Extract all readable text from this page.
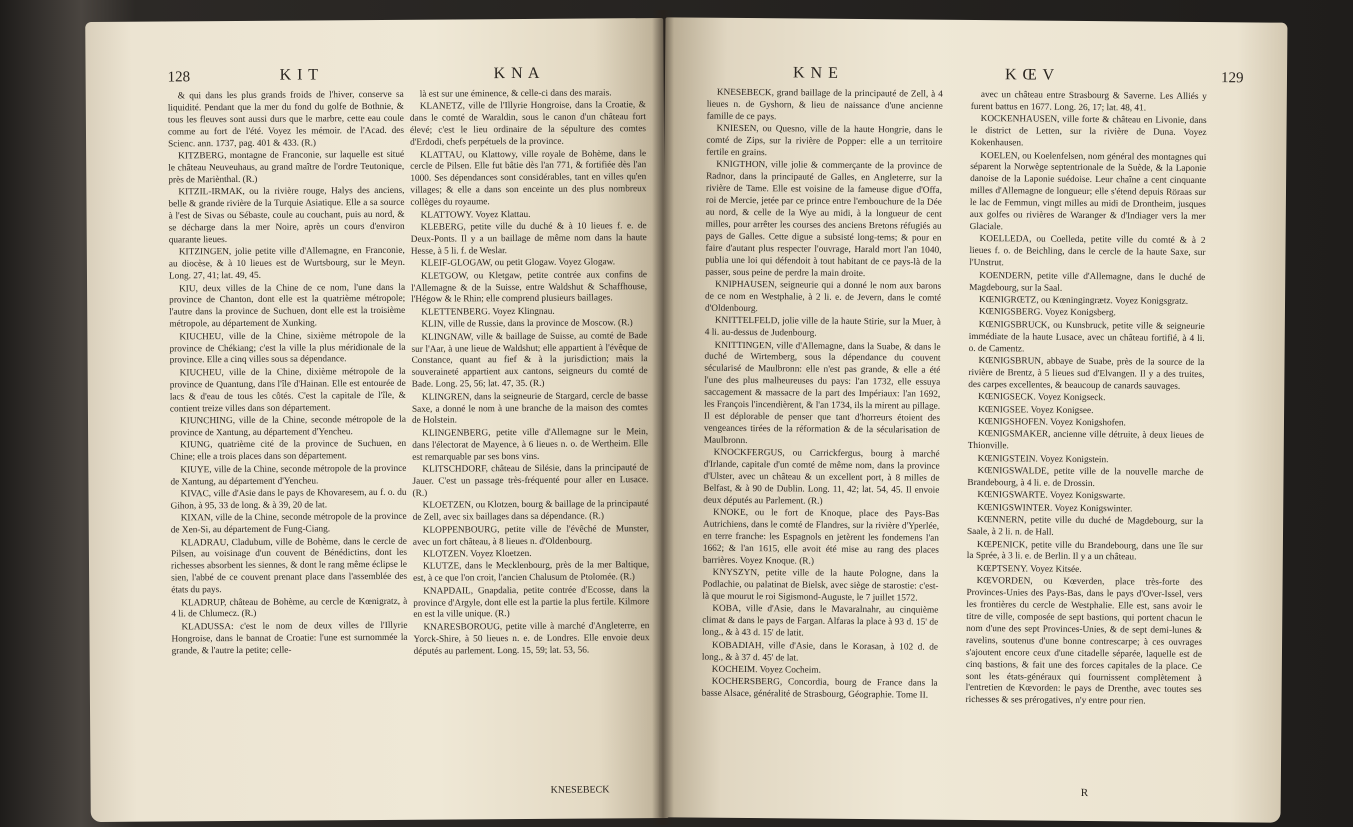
128	K I T	K N A

& qui dans les plus grands froids de l'hiver, conserve sa liquidité. Pendant que la mer du fond du golfe de Bothnie, & tous les fleuves sont aussi durs que le marbre, cette eau coule comme au fort de l'été. Voyez les mémoir. de l'Acad. des Scienc. ann. 1737, pag. 401 & 433. (R.)

KITZBERG, montagne de Franconie, sur laquelle est situé le château Neuveuhaus, au grand maître de l'ordre Teutonique, près de Mariènthal. (R.)

KITZIL-IRMAK, ou la rivière rouge, Halys des anciens, belle & grande rivière de la Turquie Asiatique. Elle a sa source à l'est de Sivas ou Sébaste, coule au couchant, puis au nord, & se décharge dans la mer Noire, après un cours d'environ quarante lieues.

KITZINGEN, jolie petite ville d'Allemagne, en Franconie, au diocèse, & à 10 lieues est de Wurtsbourg, sur le Meyn. Long. 27, 41; lat. 49, 45.

KIU, deux villes de la Chine de ce nom, l'une dans la province de Chanton, dont elle est la quatrième métropole; l'autre dans la province de Suchuen, dont elle est la troisième métropole, au département de Xunking.

KIUCHEU, ville de la Chine, sixième métropole de la province de Chékiang; c'est la ville la plus méridionale de la province. Elle a cinq villes sous sa dépendance.

KIUCHEU, ville de la Chine, dixième métropole de la province de Quantung, dans l'île d'Hainan. Elle est entourée de lacs & d'eau de tous les côtés. C'est la capitale de l'île, & contient treize villes dans son département.

KIUNCHING, ville de la Chine, seconde métropole de la province de Xantung, au département d'Yencheu.

KIUNG, quatrième cité de la province de Suchuen, en Chine; elle a trois places dans son département.

KIUYE, ville de la Chine, seconde métropole de la province de Xantung, au département d'Yencheu.

KIVAC, ville d'Asie dans le pays de Khovaresem, au f. o. du Gihon, à 95, 33 de long. & à 39, 20 de lat.

KIXAN, ville de la Chine, seconde métropole de la province de Xen-Si, au département de Fung-Ciang.

KLADRAU, Cladubum, ville de Bohème, dans le cercle de Pilsen, au voisinage d'un couvent de Bénédictins, dont les richesses absorbent les siennes, & dont le rang même éclipse le sien, l'abbé de ce couvent prenant place dans l'assemblée des états du pays.

KLADRUP, château de Bohème, au cercle de Kœnigratz, à 4 li. de Chlumecz. (R.)

KLADUSSA: c'est le nom de deux villes de l'Illyrie Hongroise, dans le bannat de Croatie: l'une est surnommée la grande, & l'autre la petite; celle-

là est sur une éminence, & celle-ci dans des marais.

KLANETZ, ville de l'Illyrie Hongroise, dans la Croatie, & dans le comté de Waraldin, sous le canon d'un château fort élevé; c'est le lieu ordinaire de la sépulture des comtes d'Erdodi, chefs perpétuels de la province.

KLATTAU, ou Klattowy, ville royale de Bohème, dans le cercle de Pilsen. Elle fut bâtie dès l'an 771, & fortifiée dès l'an 1000. Ses dépendances sont considérables, tant en villes qu'en villages; & elle a dans son enceinte un des plus nombreux collèges du royaume.

KLATTOWY. Voyez Klattau.

KLEBERG, petite ville du duché & à 10 lieues f. e. de Deux-Ponts. Il y a un baillage de même nom dans la haute Hesse, à 5 li. f. de Weslar.

KLEIF-GLOGAW, ou petit Glogaw. Voyez Glogaw.

KLETGOW, ou Kletgaw, petite contrée aux confins de l'Allemagne & de la Suisse, entre Waldshut & Schaffhouse, l'Hégow & le Rhin; elle comprend plusieurs baillages.

KLETTENBERG. Voyez Klingnau.

KLIN, ville de Russie, dans la province de Moscow. (R.)

KLINGNAW, ville & baillage de Suisse, au comté de Bade sur l'Aar, à une lieue de Waldshut; elle appartient à l'évêque de Constance, quant au fief & à la jurisdiction; mais la souveraineté appartient aux cantons, seigneurs du comté de Bade. Long. 25, 56; lat. 47, 35. (R.)

KLINGREN, dans la seigneurie de Stargard, cercle de basse Saxe, a donné le nom à une branche de la maison des comtes de Holstein.

KLINGENBERG, petite ville d'Allemagne sur le Mein, dans l'électorat de Mayence, à 6 lieues n. o. de Wertheim. Elle est remarquable par ses bons vins.

KLITSCHDORF, château de Silésie, dans la principauté de Jauer. C'est un passage très-fréquenté pour aller en Lusace. (R.)

KLOETZEN, ou Klotzen, bourg & baillage de la principauté de Zell, avec six baillages dans sa dépendance. (R.)

KLOPPENBOURG, petite ville de l'évêché de Munster, avec un fort château, à 8 lieues n. d'Oldenbourg.

KLOTZEN. Voyez Kloetzen.

KLUTZE, dans le Mecklenbourg, près de la mer Baltique, est, à ce que l'on croit, l'ancien Chalusum de Ptolomée. (R.)

KNAPDAIL, Gnapdalia, petite contrée d'Ecosse, dans la province d'Argyle, dont elle est la partie la plus fertile. Kilmore en est la ville unique. (R.)

KNARESBOROUG, petite ville à marché d'Angleterre, en Yorck-Shire, à 50 lieues n. e. de Londres. Elle envoie deux députés au parlement. Long. 15, 59; lat. 53, 56.

KNESEBECK
K N E	K Œ V	129

KNESEBECK, grand baillage de la principauté de Zell, à 4 lieues n. de Gyshorn, & lieu de naissance d'une ancienne famille de ce pays.

KNIESEN, ou Quesno, ville de la haute Hongrie, dans le comté de Zips, sur la rivière de Popper: elle a un territoire fertile en grains.

KNIGTHON, ville jolie & commerçante de la province de Radnor, dans la principauté de Galles, en Angleterre, sur la rivière de Tame. Elle est voisine de la fameuse digue d'Offa, roi de Mercie, jetée par ce prince entre l'embouchure de la Dée au nord, & celle de la Wye au midi, à la longueur de cent milles, pour arrêter les courses des anciens Bretons réfugiés au pays de Galles. Cette digue a subsisté long-tems; & pour en faire d'autant plus respecter l'ouvrage, Harald mort l'an 1040, publia une loi qui défendoit à tout habitant de ce pays-là de la passer, sous peine de perdre la main droite.

KNIPHAUSEN, seigneurie qui a donné le nom aux barons de ce nom en Westphalie, à 2 li. e. de Jevern, dans le comté d'Oldenbourg.

KNITTELFELD, jolie ville de la haute Stirie, sur la Muer, à 4 li. au-dessus de Judenbourg.

KNITTINGEN, ville d'Allemagne, dans la Suabe, & dans le duché de Wirtemberg, sous la dépendance du couvent sécularisé de Maulbronn: elle n'est pas grande, & elle a été l'une des plus malheureuses du pays: l'an 1732, elle essuya saccagement & massacre de la part des Impériaux: l'an 1692, les François l'incendièrent, & l'an 1734, ils la mirent au pillage. Il est déplorable de penser que tant d'horreurs étoient des vengeances tirées de la réformation & de la sécularisation de Maulbronn.

KNOCKFERGUS, ou Carrickfergus, bourg à marché d'Irlande, capitale d'un comté de même nom, dans la province d'Ulster, avec un château & un excellent port, à 8 milles de Belfast, & à 90 de Dublin. Long. 11, 42; lat. 54, 45. Il envoie deux députés au Parlement. (R.)

KNOKE, ou le fort de Knoque, place des Pays-Bas Autrichiens, dans le comté de Flandres, sur la rivière d'Yperlée, en terre franche: les Espagnols en jetèrent les fondemens l'an 1662; & l'an 1615, elle avoit été mise au rang des places barrières. Voyez Knoque. (R.)

KNYSZYN, petite ville de la haute Pologne, dans la Podlachie, ou palatinat de Bielsk, avec siège de starostie: c'est-là que mourut le roi Sigismond-Auguste, le 7 juillet 1572.

KOBA, ville d'Asie, dans le Mavaralnahr, au cinquième climat & dans le pays de Fargan. Alfaras la place à 93 d. 15' de long., & à 43 d. 15' de latit.

KOBADIAH, ville d'Asie, dans le Korasan, à 102 d. de long., & à 37 d. 45' de lat.

KOCHEIM. Voyez Cocheim.

KOCHERSBERG, Concordia, bourg de France dans la basse Alsace, généralité de Strasbourg, Géographie. Tome II.

avec un château entre Strasbourg & Saverne. Les Alliés y furent battus en 1677. Long. 26, 17; lat. 48, 41.

KOCKENHAUSEN, ville forte & château en Livonie, dans le district de Letten, sur la rivière de Duna. Voyez Kokenhausen.

KOELEN, ou Koelenfelsen, nom général des montagnes qui séparent la Norwège septentrionale de la Suède, & la Laponie danoise de la Laponie suédoise. Leur chaîne a cent cinquante milles d'Allemagne de longueur; elle s'étend depuis Röraas sur le lac de Femmun, vingt milles au midi de Drontheim, jusques aux golfes ou rivières de Waranger & d'Indiager vers la mer Glaciale.

KOELLEDA, ou Coelleda, petite ville du comté & à 2 lieues f. o. de Beichling, dans le cercle de la haute Saxe, sur l'Unstrut.

KOENDERN, petite ville d'Allemagne, dans le duché de Magdebourg, sur la Saal.

KŒNIGRŒTZ, ou Kœningingrætz. Voyez Konigsgratz.

KŒNIGSBERG. Voyez Konigsberg.

KŒNIGSBRUCK, ou Kunsbruck, petite ville & seigneurie immédiate de la haute Lusace, avec un château fortifié, à 4 li. o. de Camentz.

KŒNIGSBRUN, abbaye de Suabe, près de la source de la rivière de Brentz, à 5 lieues sud d'Elvangen. Il y a des truites, des carpes excellentes, & beaucoup de canards sauvages.

KŒNIGSECK. Voyez Konigseck.

KŒNIGSEE. Voyez Konigsee.

KŒNIGSHOFEN. Voyez Konigshofen.

KŒNIGSMAKER, ancienne ville détruite, à deux lieues de Thionville.

KŒNIGSTEIN. Voyez Konigstein.

KŒNIGSWALDE, petite ville de la nouvelle marche de Brandebourg, à 4 li. e. de Drossin.

KŒNIGSWARTE. Voyez Konigswarte.

KŒNIGSWINTER. Voyez Konigswinter.

KŒNNERN, petite ville du duché de Magdebourg, sur la Saale, à 2 li. n. de Hall.

KŒPENICK, petite ville du Brandebourg, dans une île sur la Sprée, à 3 li. e. de Berlin. Il y a un château.

KŒPTSENY. Voyez Kitsée.

KŒVORDEN, ou Kœverden, place très-forte des Provinces-Unies des Pays-Bas, dans le pays d'Over-Issel, vers les frontières du cercle de Westphalie. Elle est, sans avoir le titre de ville, composée de sept bastions, qui portent chacun le nom d'une des sept Provinces-Unies, & de sept demi-lunes & ravelins, soutenus d'une bonne contrescarpe; à ces ouvrages s'ajoutent encore ceux d'une citadelle séparée, laquelle est de cinq bastions, & fait une des forces capitales de la place. Ce sont les états-généraux qui fournissent complètement à l'entretien de Kœvorden: le pays de Drenthe, avec toutes ses richesses & ses prérogatives, n'y entre pour rien.

R
